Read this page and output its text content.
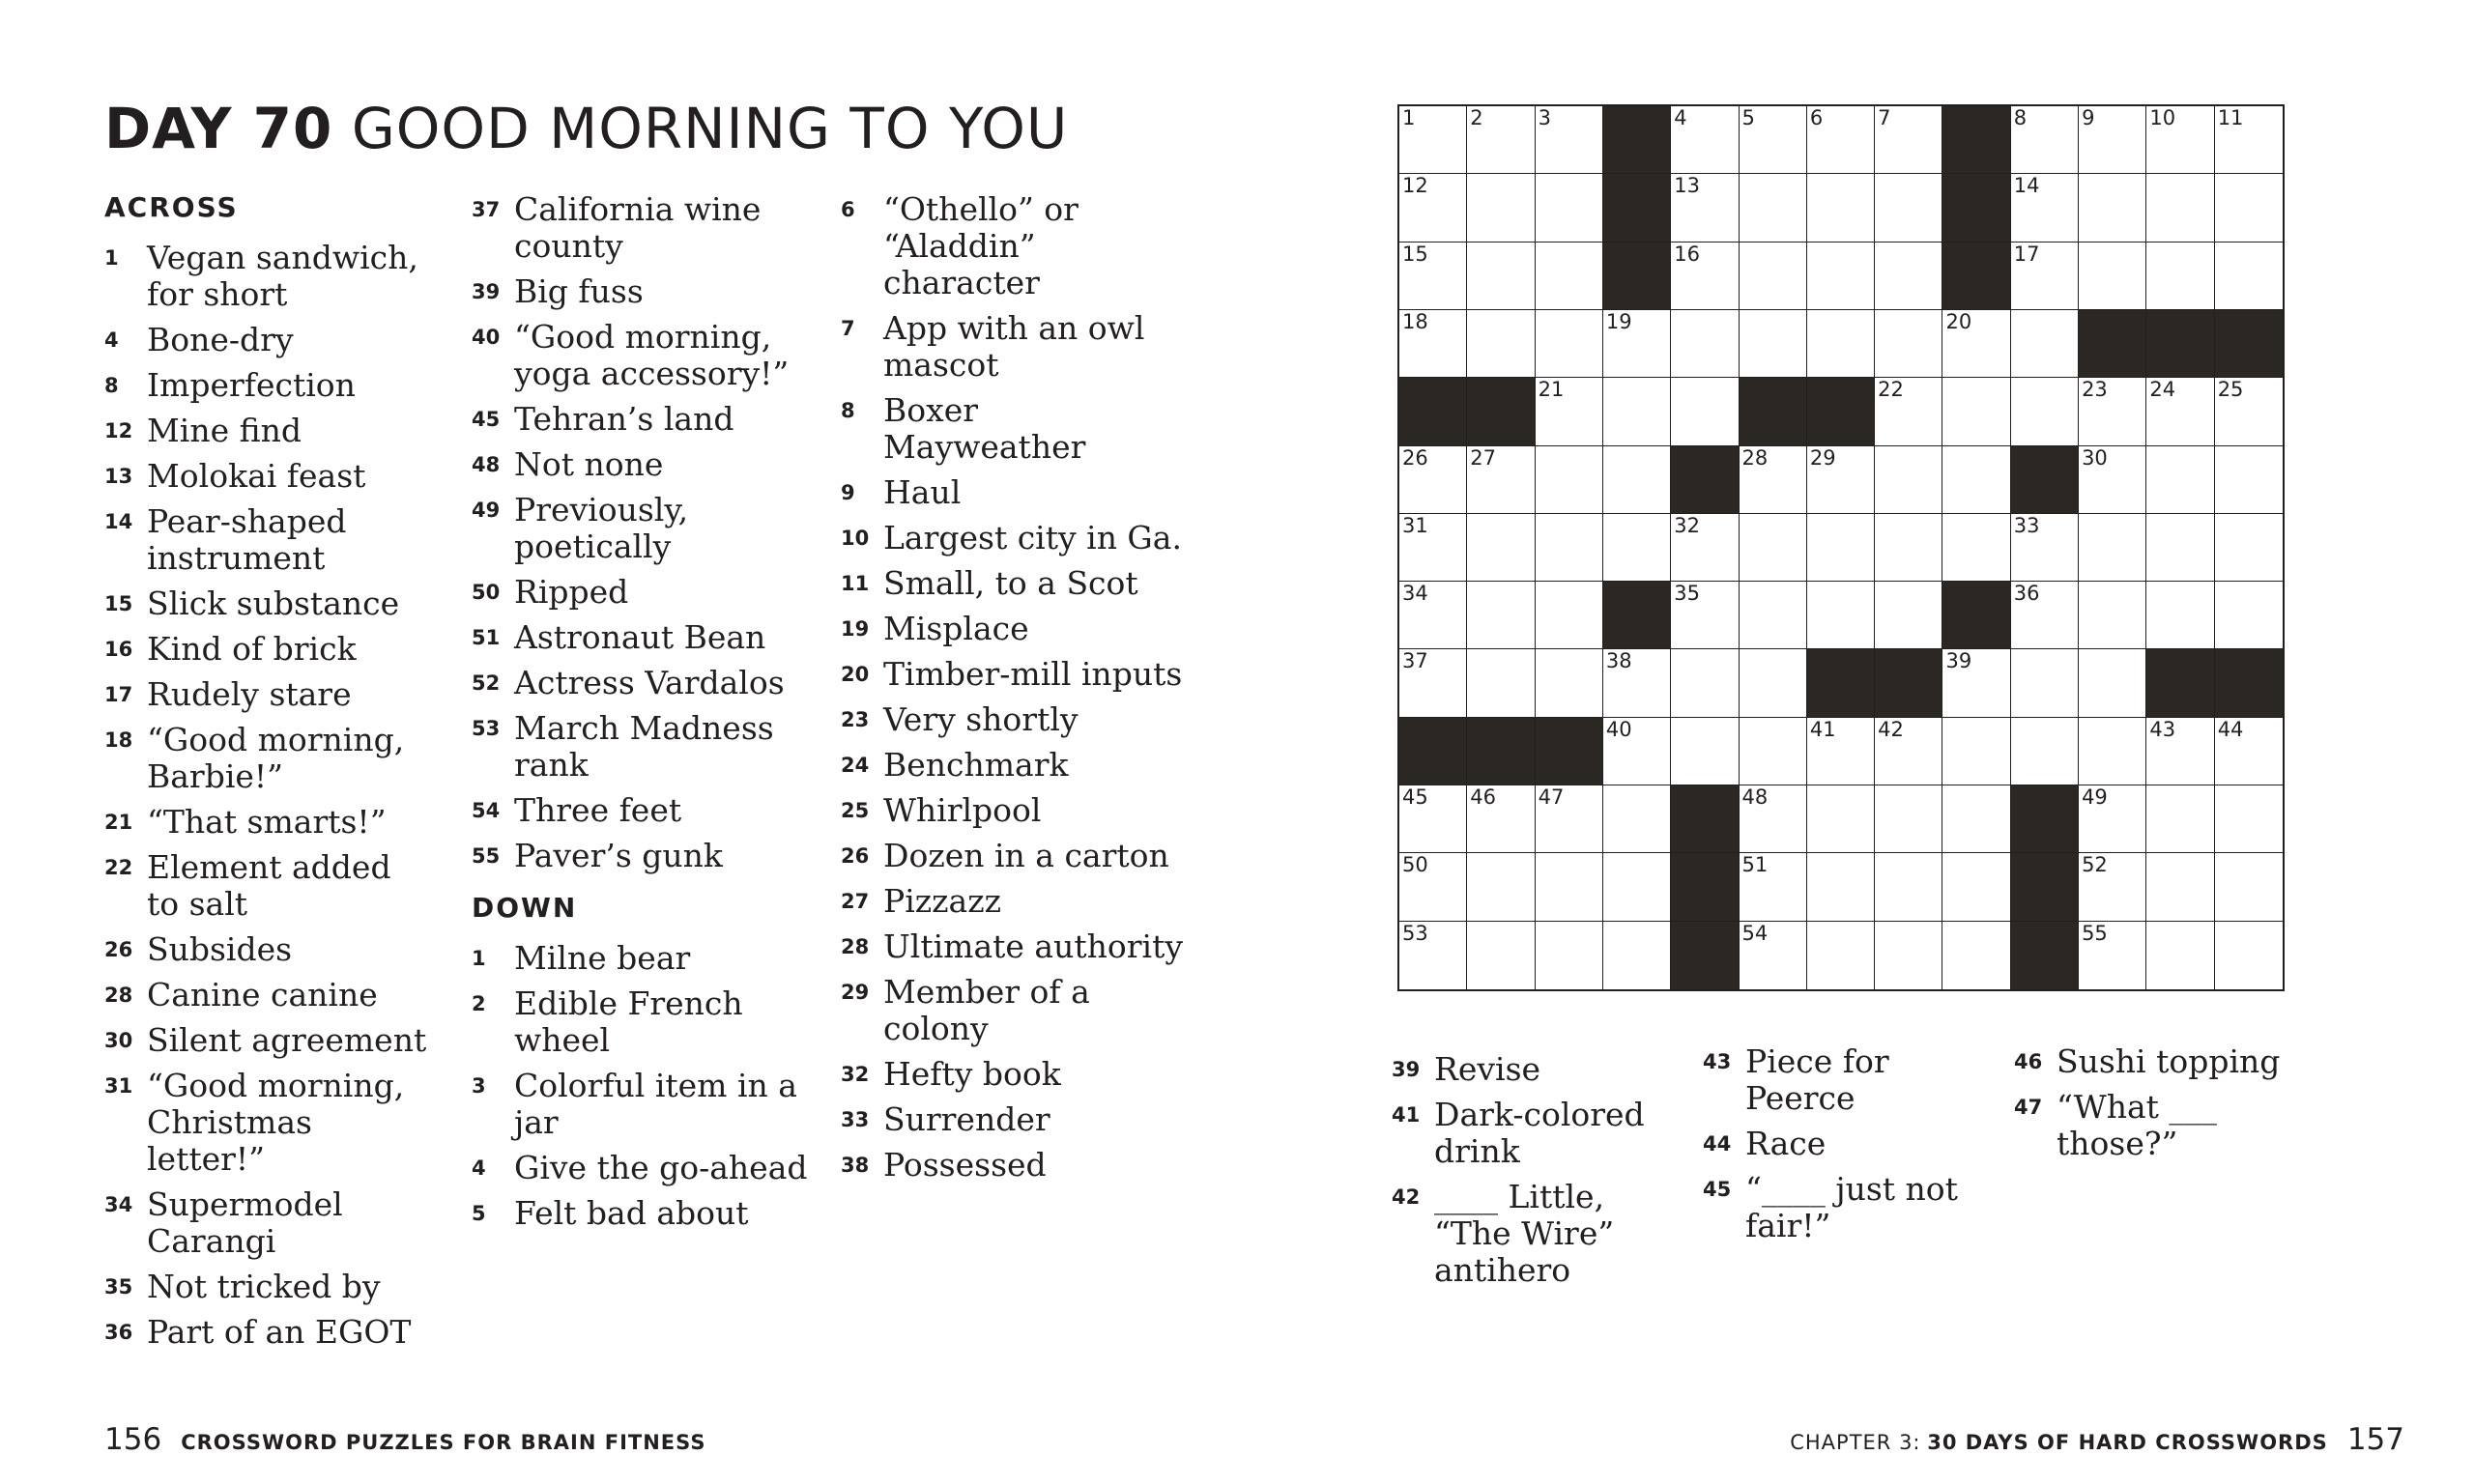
DAY 70 GOOD MORNING TO YOU
ACROSS
1 Vegan sandwich, for short
4 Bone-dry
8 Imperfection
12 Mine find
13 Molokai feast
14 Pear-shaped instrument
15 Slick substance
16 Kind of brick
17 Rudely stare
18 “Good morning, Barbie!”
21 “That smarts!”
22 Element added to salt
26 Subsides
28 Canine canine
30 Silent agreement
31 “Good morning, Christmas letter!”
34 Supermodel Carangi
35 Not tricked by
36 Part of an EGOT
37 California wine county
39 Big fuss
40 “Good morning, yoga accessory!”
45 Tehran’s land
48 Not none
49 Previously, poetically
50 Ripped
51 Astronaut Bean
52 Actress Vardalos
53 March Madness rank
54 Three feet
55 Paver’s gunk
DOWN
1 Milne bear
2 Edible French wheel
3 Colorful item in a jar
4 Give the go-ahead
5 Felt bad about
6 “Othello” or “Aladdin” character
7 App with an owl mascot
8 Boxer Mayweather
9 Haul
10 Largest city in Ga.
11 Small, to a Scot
19 Misplace
20 Timber-mill inputs
23 Very shortly
24 Benchmark
25 Whirlpool
26 Dozen in a carton
27 Pizzazz
28 Ultimate authority
29 Member of a colony
32 Hefty book
33 Surrender
38 Possessed
39 Revise
41 Dark-colored drink
42 ____ Little, “The Wire” antihero
43 Piece for Peerce
44 Race
45 “____ just not fair!”
46 Sushi topping
47 “What ___ those?”
1	2	3	4	5	6	7	8	9	10 11
12	13	14
15	16	17
18	19	20
21	22	23 24 25
26 27	28 29	30
31	32	33
34	35	36
37	38	39
40	41 42	43 44
45 46 47	48	49
50	51	52
53	54	55
156 CROSSWORD PUZZLES FOR BRAIN FITNESS	CHAPTER 3: 30 DAYS OF HARD CROSSWORDS 157
